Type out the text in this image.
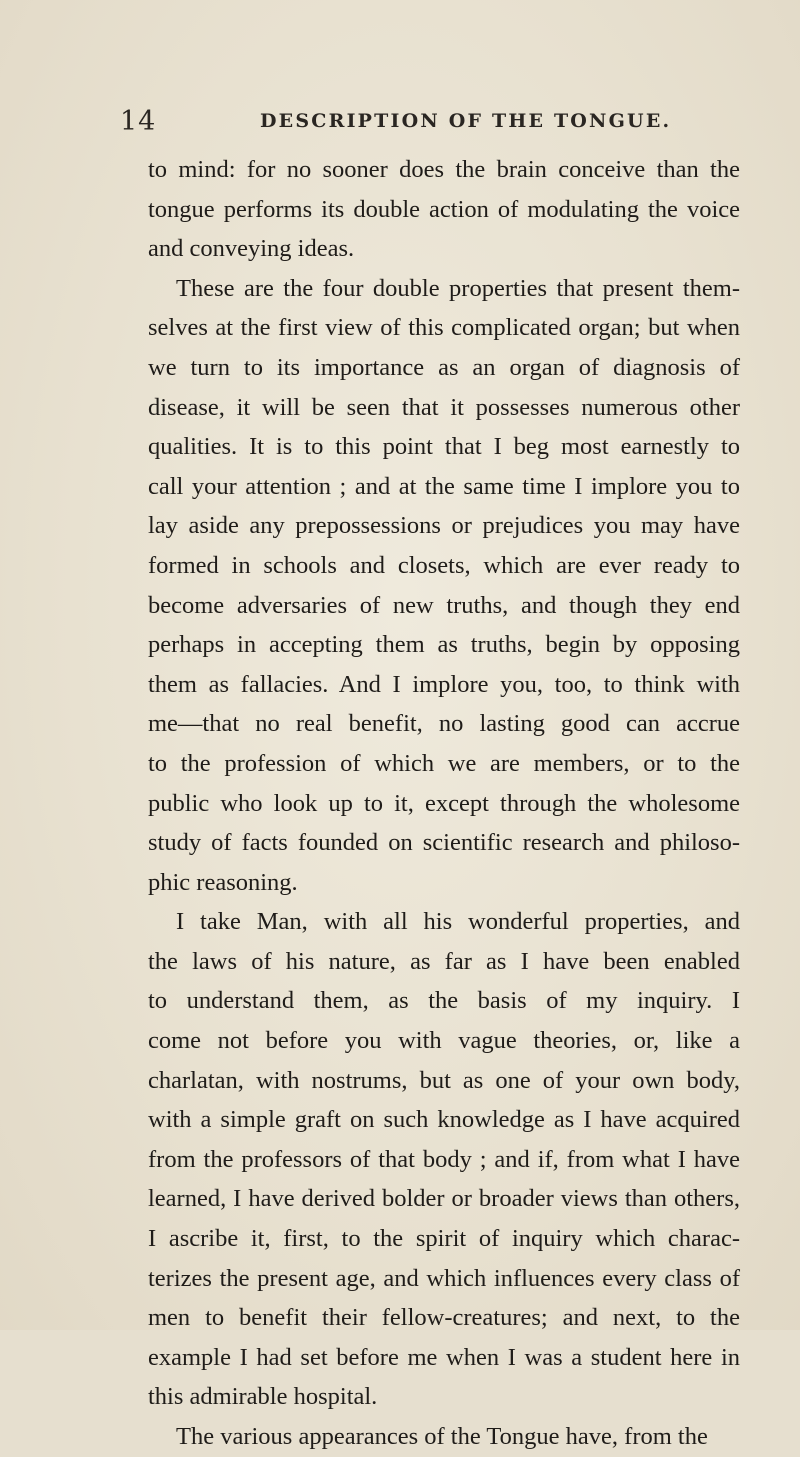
14	DESCRIPTION OF THE TONGUE.

to mind: for no sooner does the brain conceive than the

tongue performs its double action of modulating the voice

and conveying ideas.

These are the four double properties that present them-

selves at the first view of this complicated organ; but when

we turn to its importance as an organ of diagnosis of

disease, it will be seen that it possesses numerous other

qualities. It is to this point that I beg most earnestly to

call your attention ; and at the same time I implore you to

lay aside any prepossessions or prejudices you may have

formed in schools and closets, which are ever ready to

become adversaries of new truths, and though they end

perhaps in accepting them as truths, begin by opposing

them as fallacies. And I implore you, too, to think with

me—that no real benefit, no lasting good can accrue

to the profession of which we are members, or to the

public who look up to it, except through the wholesome

study of facts founded on scientific research and philoso-

phic reasoning.

I take Man, with all his wonderful properties, and

the laws of his nature, as far as I have been enabled

to understand them, as the basis of my inquiry. I

come not before you with vague theories, or, like a

charlatan, with nostrums, but as one of your own body,

with a simple graft on such knowledge as I have acquired

from the professors of that body ; and if, from what I have

learned, I have derived bolder or broader views than others,

I ascribe it, first, to the spirit of inquiry which charac-

terizes the present age, and which influences every class of

men to benefit their fellow-creatures; and next, to the

example I had set before me when I was a student here in

this admirable hospital.

The various appearances of the Tongue have, from the
